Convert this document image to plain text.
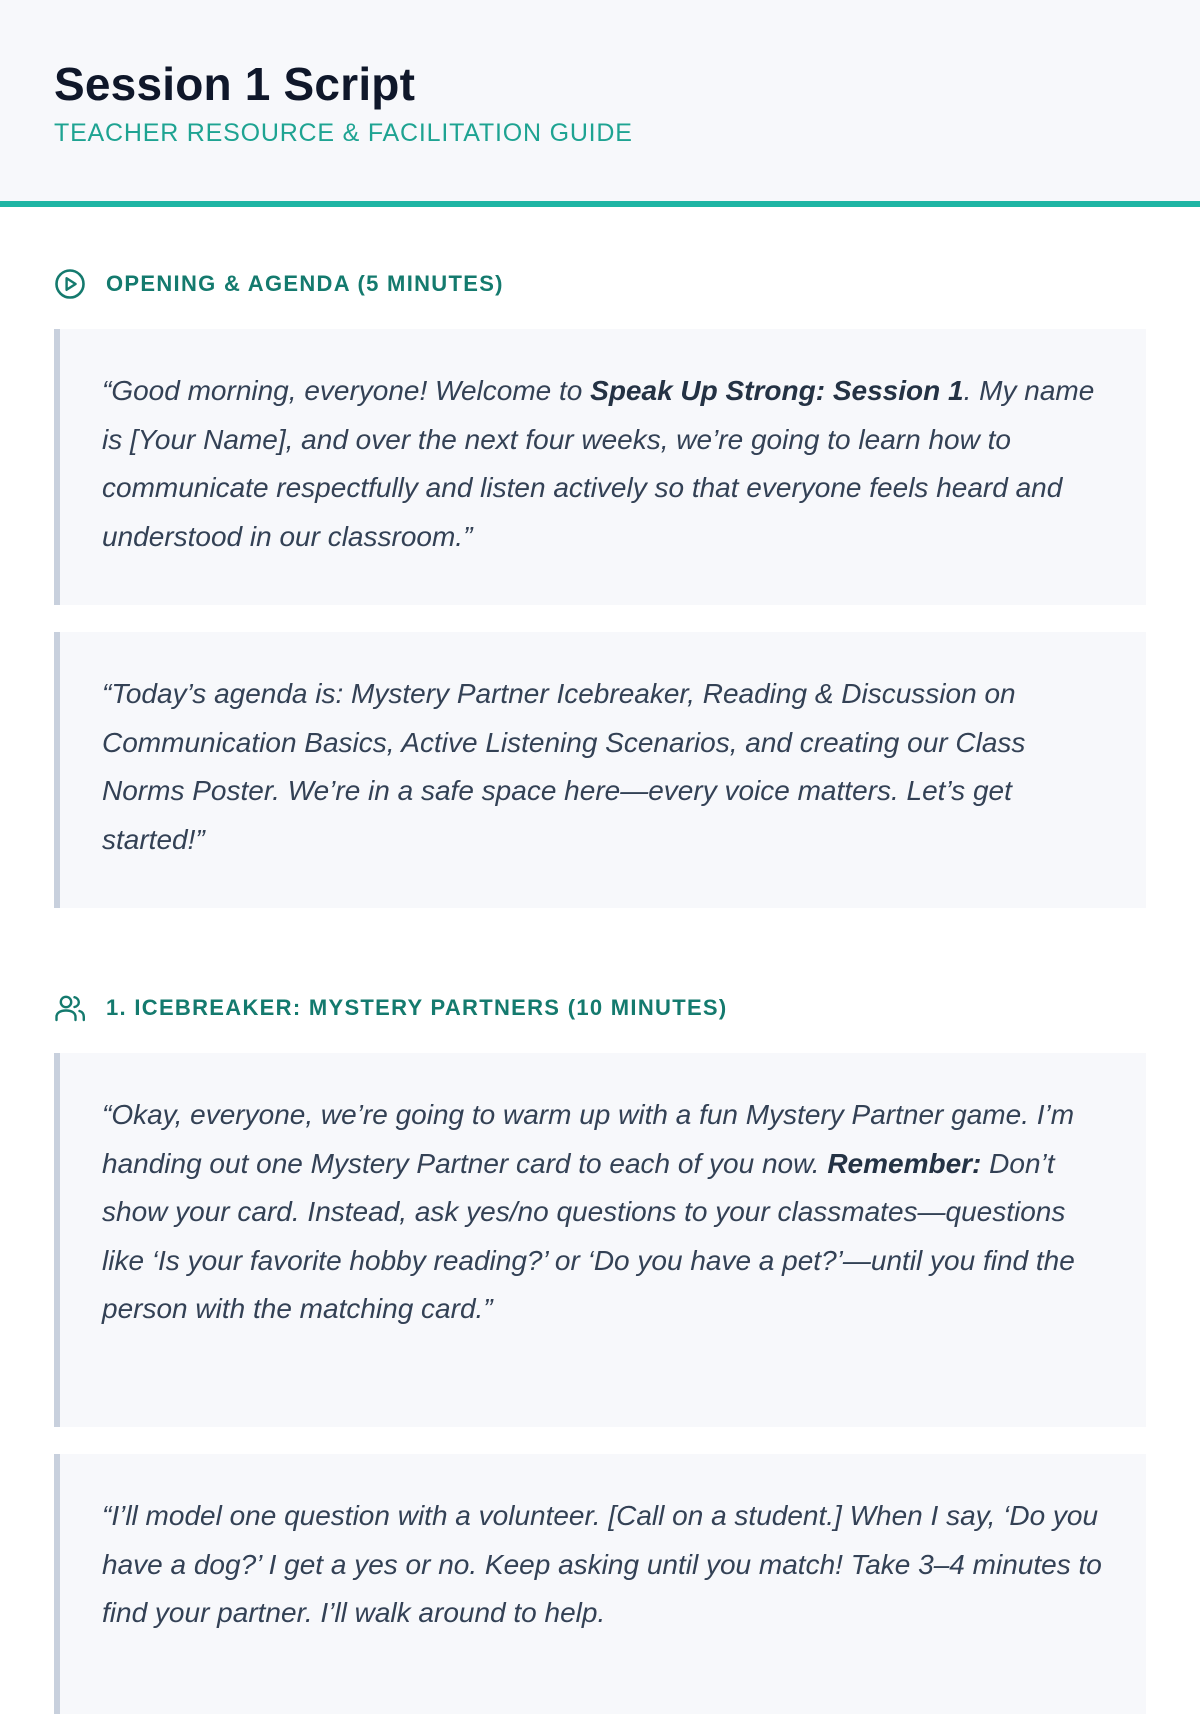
Session 1 Script
TEACHER RESOURCE & FACILITATION GUIDE
OPENING & AGENDA (5 MINUTES)
“Good morning, everyone! Welcome to Speak Up Strong: Session 1. My name is [Your Name], and over the next four weeks, we’re going to learn how to communicate respectfully and listen actively so that everyone feels heard and understood in our classroom.”
“Today’s agenda is: Mystery Partner Icebreaker, Reading & Discussion on Communication Basics, Active Listening Scenarios, and creating our Class Norms Poster. We’re in a safe space here—every voice matters. Let’s get started!”
1. ICEBREAKER: MYSTERY PARTNERS (10 MINUTES)
“Okay, everyone, we’re going to warm up with a fun Mystery Partner game. I’m handing out one Mystery Partner card to each of you now. Remember: Don’t show your card. Instead, ask yes/no questions to your classmates—questions like ‘Is your favorite hobby reading?’ or ‘Do you have a pet?’—until you find the person with the matching card.”
“I’ll model one question with a volunteer. [Call on a student.] When I say, ‘Do you have a dog?’ I get a yes or no. Keep asking until you match! Take 3–4 minutes to find your partner. I’ll walk around to help.
